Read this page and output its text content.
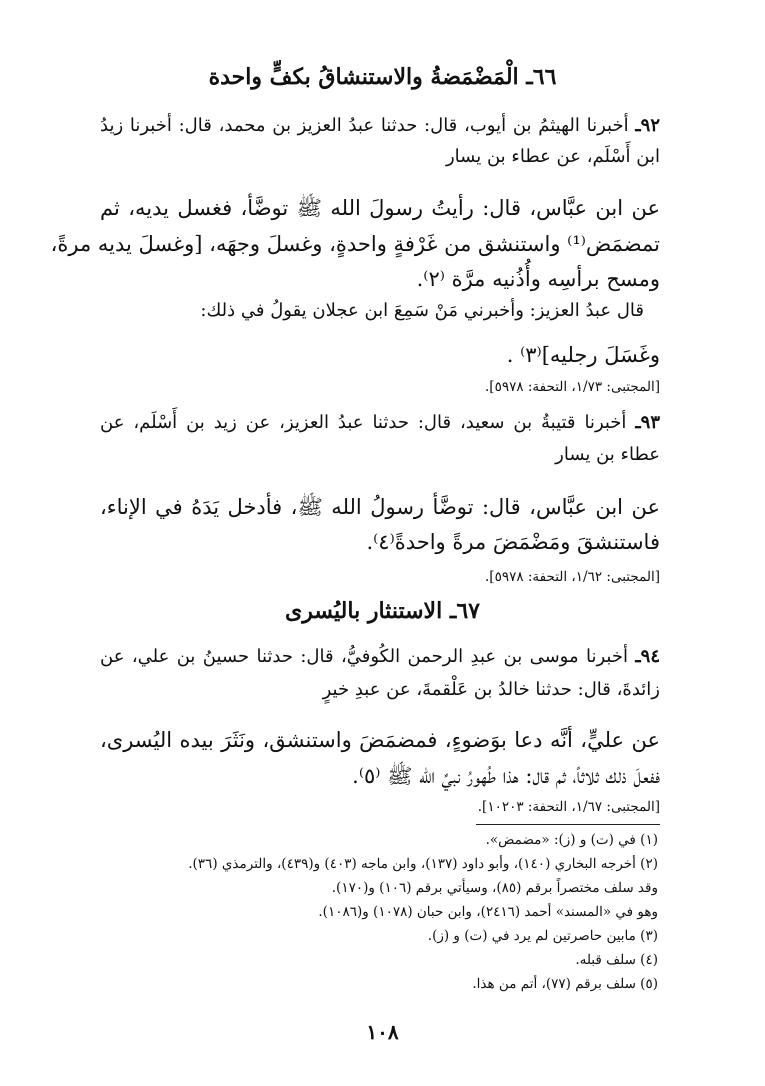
٦٦ـ الْمَضْمَضةُ والاستنشاقُ بكفٍّ واحدة
٩٢ـ أخبرنا الهيثمُ بن أيوب، قال: حدثنا عبدُ العزيز بن محمد، قال: أخبرنا زيدُ
ابن أَسْلَم، عن عطاء بن يسار
عن ابن عبَّاس، قال: رأيتُ رسولَ الله ﷺ توضَّأ، فغسل يديه، ثم
تمضمَض⁽¹⁾ واستنشق من غَرْفةٍ واحدةٍ، وغسلَ وجهَه، [وغسلَ يديه مرةً،
ومسح برأسِه وأُذُنيه مرَّة ⁽٢⁾.
قال عبدُ العزيز: وأخبرني مَنْ سَمِعَ ابن عجلان يقولُ في ذلك:
وغَسَلَ رجليه]⁽٣⁾ .
[المجتبى: ١/٧٣، التحفة: ٥٩٧٨].
٩٣ـ أخبرنا قتيبةُ بن سعيد، قال: حدثنا عبدُ العزيز، عن زيد بن أَسْلَم، عن
عطاء بن يسار
عن ابن عبَّاس، قال: توضَّأ رسولُ الله ﷺ، فأدخل يَدَهُ في الإناء،
فاستنشقَ ومَضْمَضَ مرةً واحدةً⁽٤⁾.
[المجتبى: ١/٦٢، التحفة: ٥٩٧٨].
٦٧ـ الاستنثار باليُسرى
٩٤ـ أخبرنا موسى بن عبدِ الرحمن الكُوفيُّ، قال: حدثنا حسينُ بن علي، عن
زائدةَ، قال: حدثنا خالدُ بن عَلْقمةَ، عن عبدِ خيرٍ
عن عليٍّ، أنَّه دعا بوَضوءٍ، فمضمَضَ واستنشق، ونَثَرَ بيده اليُسرى،
ففعلَ ذلك ثلاثاً، ثم قال: هذا طُهورُ نبيِّ الله ﷺ ⁽٥⁾.
[المجتبى: ١/٦٧، التحفة: ١٠٢٠٣].
(١) في (ت) و (ز): «مضمض».
(٢) أخرجه البخاري (١٤٠)، وأبو داود (١٣٧)، وابن ماجه (٤٠٣) و(٤٣٩)، والترمذي (٣٦).
وقد سلف مختصراً برقم (٨٥)، وسيأتي برقم (١٠٦) و(١٧٠).
وهو في «المسند» أحمد (٢٤١٦)، وابن حبان (١٠٧٨) و(١٠٨٦).
(٣) مابين حاصرتين لم يرد في (ت) و (ز).
(٤) سلف قبله.
(٥) سلف برقم (٧٧)، أتم من هذا.
١٠٨
